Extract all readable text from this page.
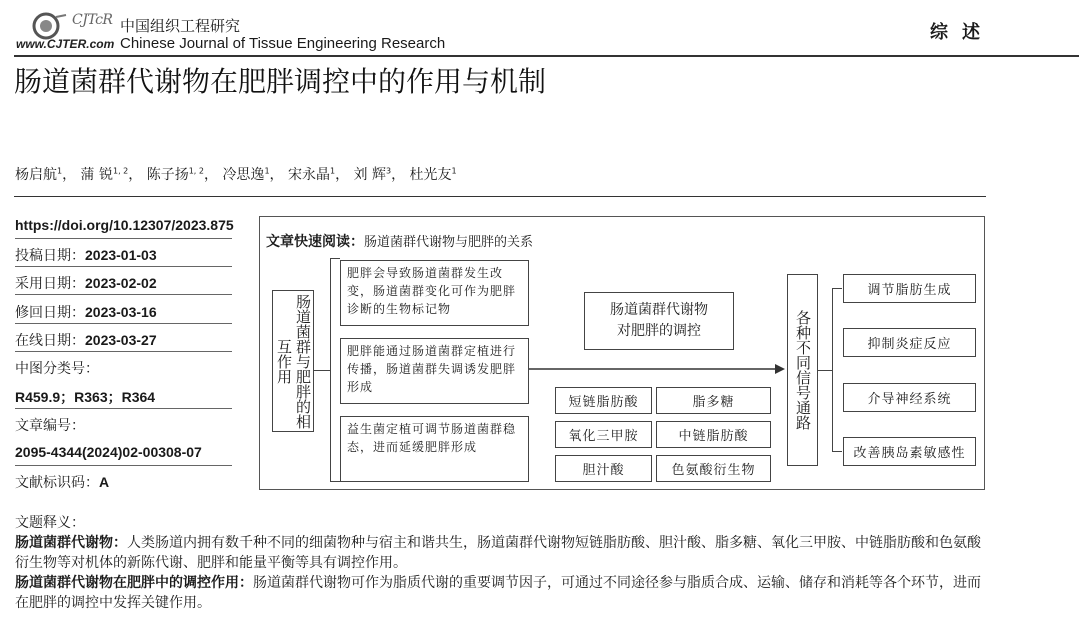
CJTcR
www.CJTER.com
中国组织工程研究
Chinese Journal of Tissue Engineering Research
综述
肠道菌群代谢物在肥胖调控中的作用与机制
杨启航$^1$， 蒲 锐$^{1, 2}$， 陈子扬$^{1, 2}$， 冷思逸$^1$， 宋永晶$^1$， 刘 辉$^3$， 杜光友$^1$
https://doi.org/10.12307/2023.875
投稿日期：2023-01-03
采用日期：2023-02-02
修回日期：2023-03-16
在线日期：2023-03-27
中图分类号：
R459.9；R363；R364
文章编号：
2095-4344(2024)02-00308-07
文献标识码：A
文章快速阅读：肠道菌群代谢物与肥胖的关系
肠道菌群与肥胖的相互作用
肥胖会导致肠道菌群发生改变，肠道菌群变化可作为肥胖诊断的生物标记物
肥胖能通过肠道菌群定植进行传播，肠道菌群失调诱发肥胖形成
益生菌定植可调节肠道菌群稳态，进而延缓肥胖形成
肠道菌群代谢物
对肥胖的调控
短链脂肪酸	脂多糖
氧化三甲胺	中链脂肪酸
胆汁酸	色氨酸衍生物
各种不同信号通路
调节脂肪生成
抑制炎症反应
介导神经系统
改善胰岛素敏感性
文题释义：
肠道菌群代谢物：人类肠道内拥有数千种不同的细菌物种与宿主和谐共生，肠道菌群代谢物短链脂肪酸、胆汁酸、脂多糖、氧化三甲胺、中链脂肪酸和色氨酸衍生物等对机体的新陈代谢、肥胖和能量平衡等具有调控作用。
肠道菌群代谢物在肥胖中的调控作用：肠道菌群代谢物可作为脂质代谢的重要调节因子，可通过不同途径参与脂质合成、运输、储存和消耗等各个环节，进而在肥胖的调控中发挥关键作用。
